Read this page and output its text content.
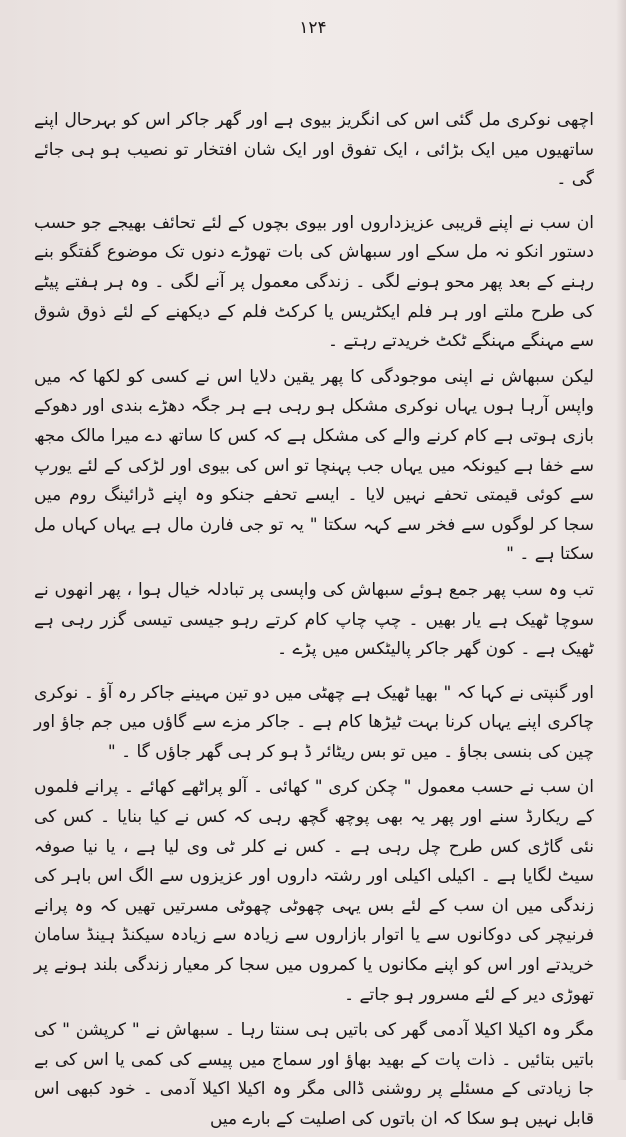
۱۲۴

اچھی نوکری مل گئی اس کی انگریز بیوی ہے اور گھر جاکر اس کو بہرحال اپنے ساتھیوں میں ایک بڑائی ، ایک تفوق اور ایک شان افتخار تو نصیب ہو ہی جائے گی ۔

ان سب نے اپنے قریبی عزیزداروں اور بیوی بچوں کے لئے تحائف بھیجے جو حسب دستور انکو نہ مل سکے اور سبھاش کی بات تھوڑے دنوں تک موضوع گفتگو بنے رہنے کے بعد پھر محو ہونے لگی ۔ زندگی معمول پر آنے لگی ۔ وہ ہر ہفتے پیٹے کی طرح ملتے اور ہر فلم ایکٹریس یا کرکٹ فلم کے دیکھنے کے لئے ذوق شوق سے مہنگے مہنگے ٹکٹ خریدتے رہتے ۔

لیکن سبھاش نے اپنی موجودگی کا پھر یقین دلایا اس نے کسی کو لکھا کہ میں واپس آرہا ہوں یہاں نوکری مشکل ہو رہی ہے ہر جگہ دھڑے بندی اور دھوکے بازی ہوتی ہے کام کرنے والے کی مشکل ہے کہ کس کا ساتھ دے میرا مالک مجھ سے خفا ہے کیونکہ میں یہاں جب پہنچا تو اس کی بیوی اور لڑکی کے لئے یورپ سے کوئی قیمتی تحفے نہیں لایا ۔ ایسے تحفے جنکو وہ اپنے ڈرائینگ روم میں سجا کر لوگوں سے فخر سے کہہ سکتا " یہ تو جی فارن مال ہے یہاں کہاں مل سکتا ہے ۔ "

تب وہ سب پھر جمع ہوئے سبھاش کی واپسی پر تبادلہ خیال ہوا ، پھر انھوں نے سوچا ٹھیک ہے یار بھیں ۔ چپ چاپ کام کرتے رہو جیسی تیسی گزر رہی ہے ٹھیک ہے ۔ کون گھر جاکر پالیٹکس میں پڑے ۔

اور گنپتی نے کہا کہ " بھیا ٹھیک ہے چھٹی میں دو تین مہینے جاکر رہ آؤ ۔ نوکری چاکری اپنے یہاں کرنا بہت ٹیڑھا کام ہے ۔ جاکر مزے سے گاؤں میں جم جاؤ اور چین کی بنسی بجاؤ ۔ میں تو بس ریٹائر ڈ ہو کر ہی گھر جاؤں گا ۔ "

ان سب نے حسب معمول " چکن کری " کھائی ۔ آلو پراٹھے کھائے ۔ پرانے فلموں کے ریکارڈ سنے اور پھر یہ بھی پوچھ گچھ رہی کہ کس نے کیا بنایا ۔ کس کی نئی گاڑی کس طرح چل رہی ہے ۔ کس نے کلر ٹی وی لیا ہے ، یا نیا صوفہ سیٹ لگایا ہے ۔ اکیلی اکیلی اور رشتہ داروں اور عزیزوں سے الگ اس باہر کی زندگی میں ان سب کے لئے بس یہی چھوٹی چھوٹی مسرتیں تھیں کہ وہ پرانے فرنیچر کی دوکانوں سے یا اتوار بازاروں سے زیادہ سے زیادہ سیکنڈ ہینڈ سامان خریدتے اور اس کو اپنے مکانوں یا کمروں میں سجا کر معیار زندگی بلند ہونے پر تھوڑی دیر کے لئے مسرور ہو جاتے ۔

مگر وہ اکیلا اکیلا آدمی گھر کی باتیں ہی سنتا رہا ۔ سبھاش نے " کرپشن " کی باتیں بتائیں ۔ ذات پات کے بھید بھاؤ اور سماج میں پیسے کی کمی یا اس کی بے جا زیادتی کے مسئلے پر روشنی ڈالی مگر وہ اکیلا اکیلا آدمی ۔ خود کبھی اس قابل نہیں ہو سکا کہ ان باتوں کی اصلیت کے بارے میں
